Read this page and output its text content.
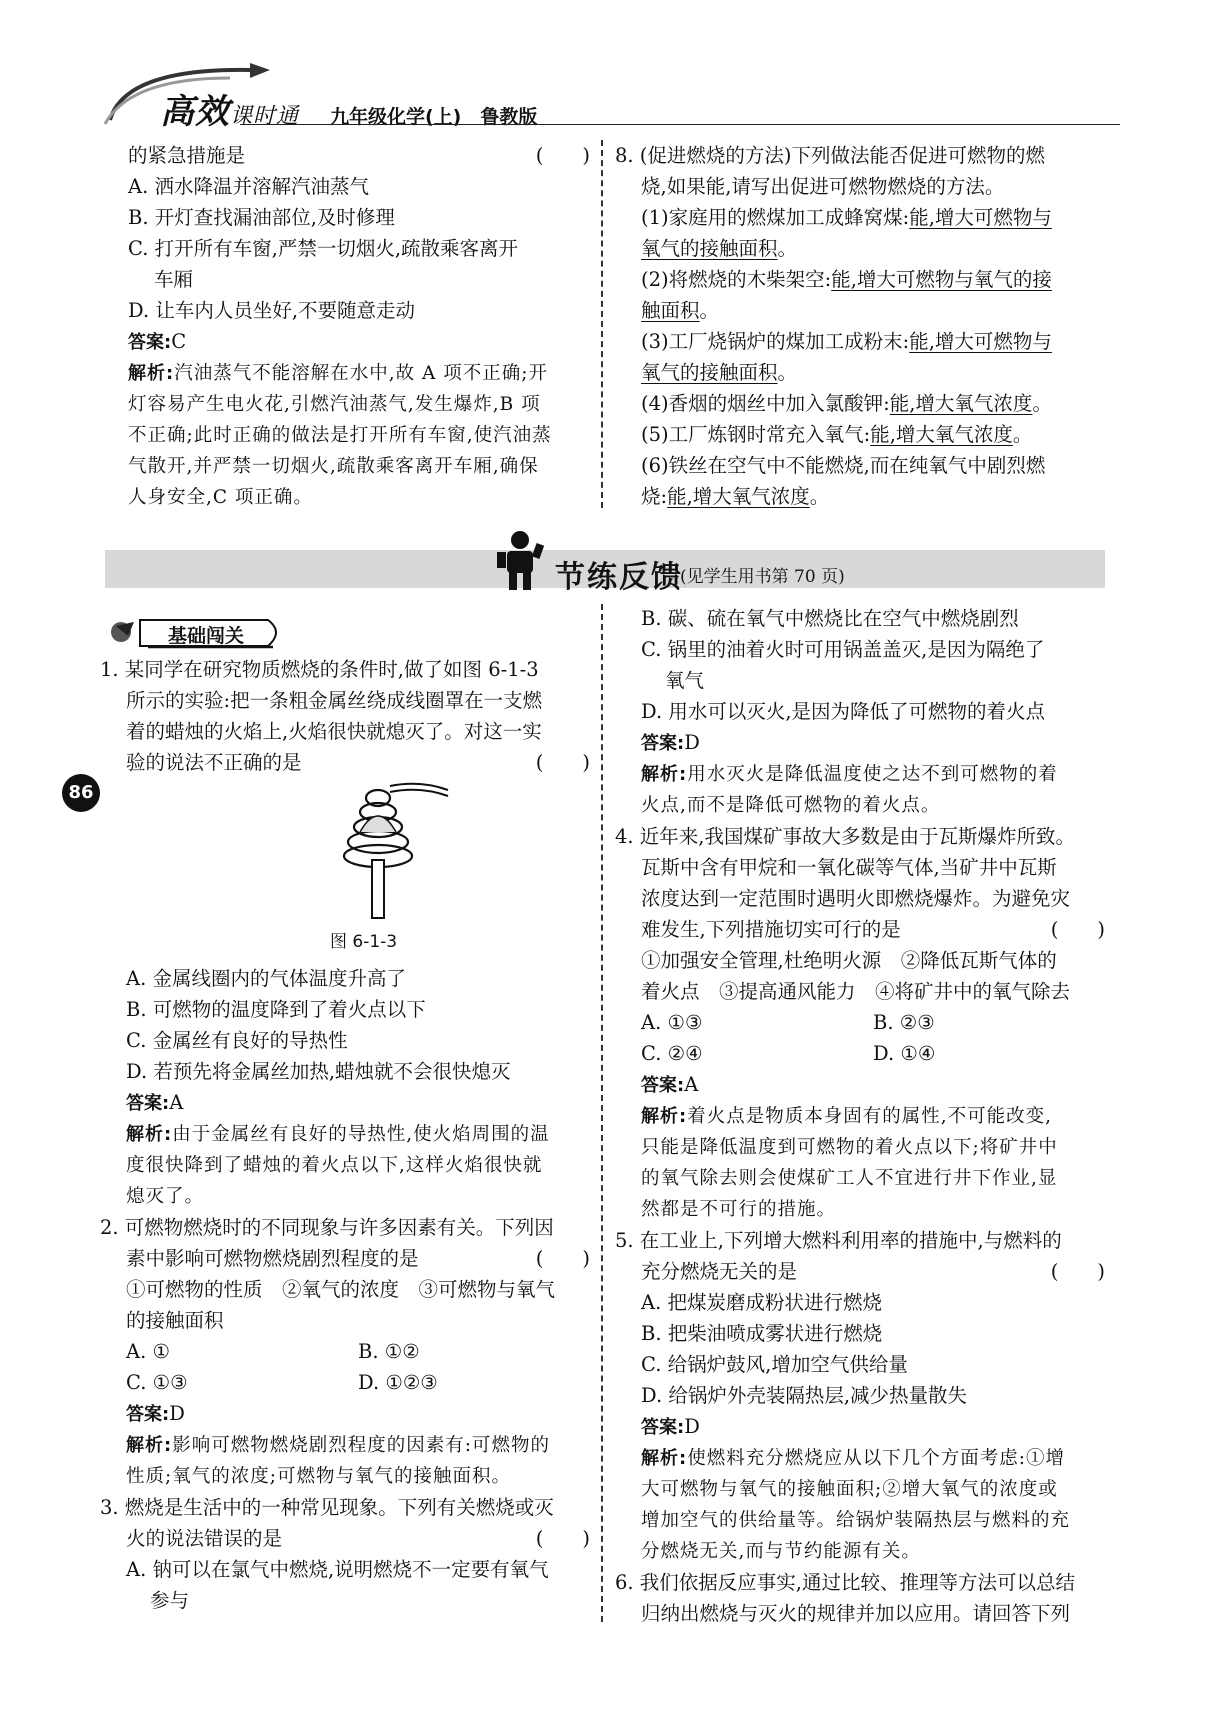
高效课时通 九年级化学(上)　鲁教版
86

的紧急措施是	(　　)

A. 洒水降温并溶解汽油蒸气

B. 开灯查找漏油部位,及时修理

C. 打开所有车窗,严禁一切烟火,疏散乘客离开

车厢

D. 让车内人员坐好,不要随意走动

答案:C

解析:汽油蒸气不能溶解在水中,故 A 项不正确;开

灯容易产生电火花,引燃汽油蒸气,发生爆炸,B 项

不正确;此时正确的做法是打开所有车窗,使汽油蒸

气散开,并严禁一切烟火,疏散乘客离开车厢,确保

人身安全,C 项正确。

8. (促进燃烧的方法)下列做法能否促进可燃物的燃

烧,如果能,请写出促进可燃物燃烧的方法。

(1)家庭用的燃煤加工成蜂窝煤:能,增大可燃物与

氧气的接触面积。

(2)将燃烧的木柴架空:能,增大可燃物与氧气的接

触面积。

(3)工厂烧锅炉的煤加工成粉末:能,增大可燃物与

氧气的接触面积。

(4)香烟的烟丝中加入氯酸钾:能,增大氧气浓度。

(5)工厂炼钢时常充入氧气:能,增大氧气浓度。

(6)铁丝在空气中不能燃烧,而在纯氧气中剧烈燃

烧:能,增大氧气浓度。

节练反馈
(见学生用书第 70 页)
基础闯关

1. 某同学在研究物质燃烧的条件时,做了如图 6-1-3

所示的实验:把一条粗金属丝绕成线圈罩在一支燃

着的蜡烛的火焰上,火焰很快就熄灭了。对这一实

验的说法不正确的是	(　　)

图 6-1-3

A. 金属线圈内的气体温度升高了

B. 可燃物的温度降到了着火点以下

C. 金属丝有良好的导热性

D. 若预先将金属丝加热,蜡烛就不会很快熄灭

答案:A

解析:由于金属丝有良好的导热性,使火焰周围的温

度很快降到了蜡烛的着火点以下,这样火焰很快就

熄灭了。

2. 可燃物燃烧时的不同现象与许多因素有关。下列因

素中影响可燃物燃烧剧烈程度的是	(　　)

①可燃物的性质　②氧气的浓度　③可燃物与氧气

的接触面积

A. ①	B. ①②
C. ①③	D. ①②③

答案:D

解析:影响可燃物燃烧剧烈程度的因素有:可燃物的

性质;氧气的浓度;可燃物与氧气的接触面积。

3. 燃烧是生活中的一种常见现象。下列有关燃烧或灭

火的说法错误的是	(　　)

A. 钠可以在氯气中燃烧,说明燃烧不一定要有氧气

参与

B. 碳、硫在氧气中燃烧比在空气中燃烧剧烈

C. 锅里的油着火时可用锅盖盖灭,是因为隔绝了

氧气

D. 用水可以灭火,是因为降低了可燃物的着火点

答案:D

解析:用水灭火是降低温度使之达不到可燃物的着

火点,而不是降低可燃物的着火点。

4. 近年来,我国煤矿事故大多数是由于瓦斯爆炸所致。

瓦斯中含有甲烷和一氧化碳等气体,当矿井中瓦斯

浓度达到一定范围时遇明火即燃烧爆炸。为避免灾

难发生,下列措施切实可行的是	(　　)

①加强安全管理,杜绝明火源　②降低瓦斯气体的

着火点　③提高通风能力　④将矿井中的氧气除去

A. ①③	B. ②③
C. ②④	D. ①④

答案:A

解析:着火点是物质本身固有的属性,不可能改变,

只能是降低温度到可燃物的着火点以下;将矿井中

的氧气除去则会使煤矿工人不宜进行井下作业,显

然都是不可行的措施。

5. 在工业上,下列增大燃料利用率的措施中,与燃料的

充分燃烧无关的是	(　　)

A. 把煤炭磨成粉状进行燃烧

B. 把柴油喷成雾状进行燃烧

C. 给锅炉鼓风,增加空气供给量

D. 给锅炉外壳装隔热层,减少热量散失

答案:D

解析:使燃料充分燃烧应从以下几个方面考虑:①增

大可燃物与氧气的接触面积;②增大氧气的浓度或

增加空气的供给量等。给锅炉装隔热层与燃料的充

分燃烧无关,而与节约能源有关。

6. 我们依据反应事实,通过比较、推理等方法可以总结

归纳出燃烧与灭火的规律并加以应用。请回答下列
